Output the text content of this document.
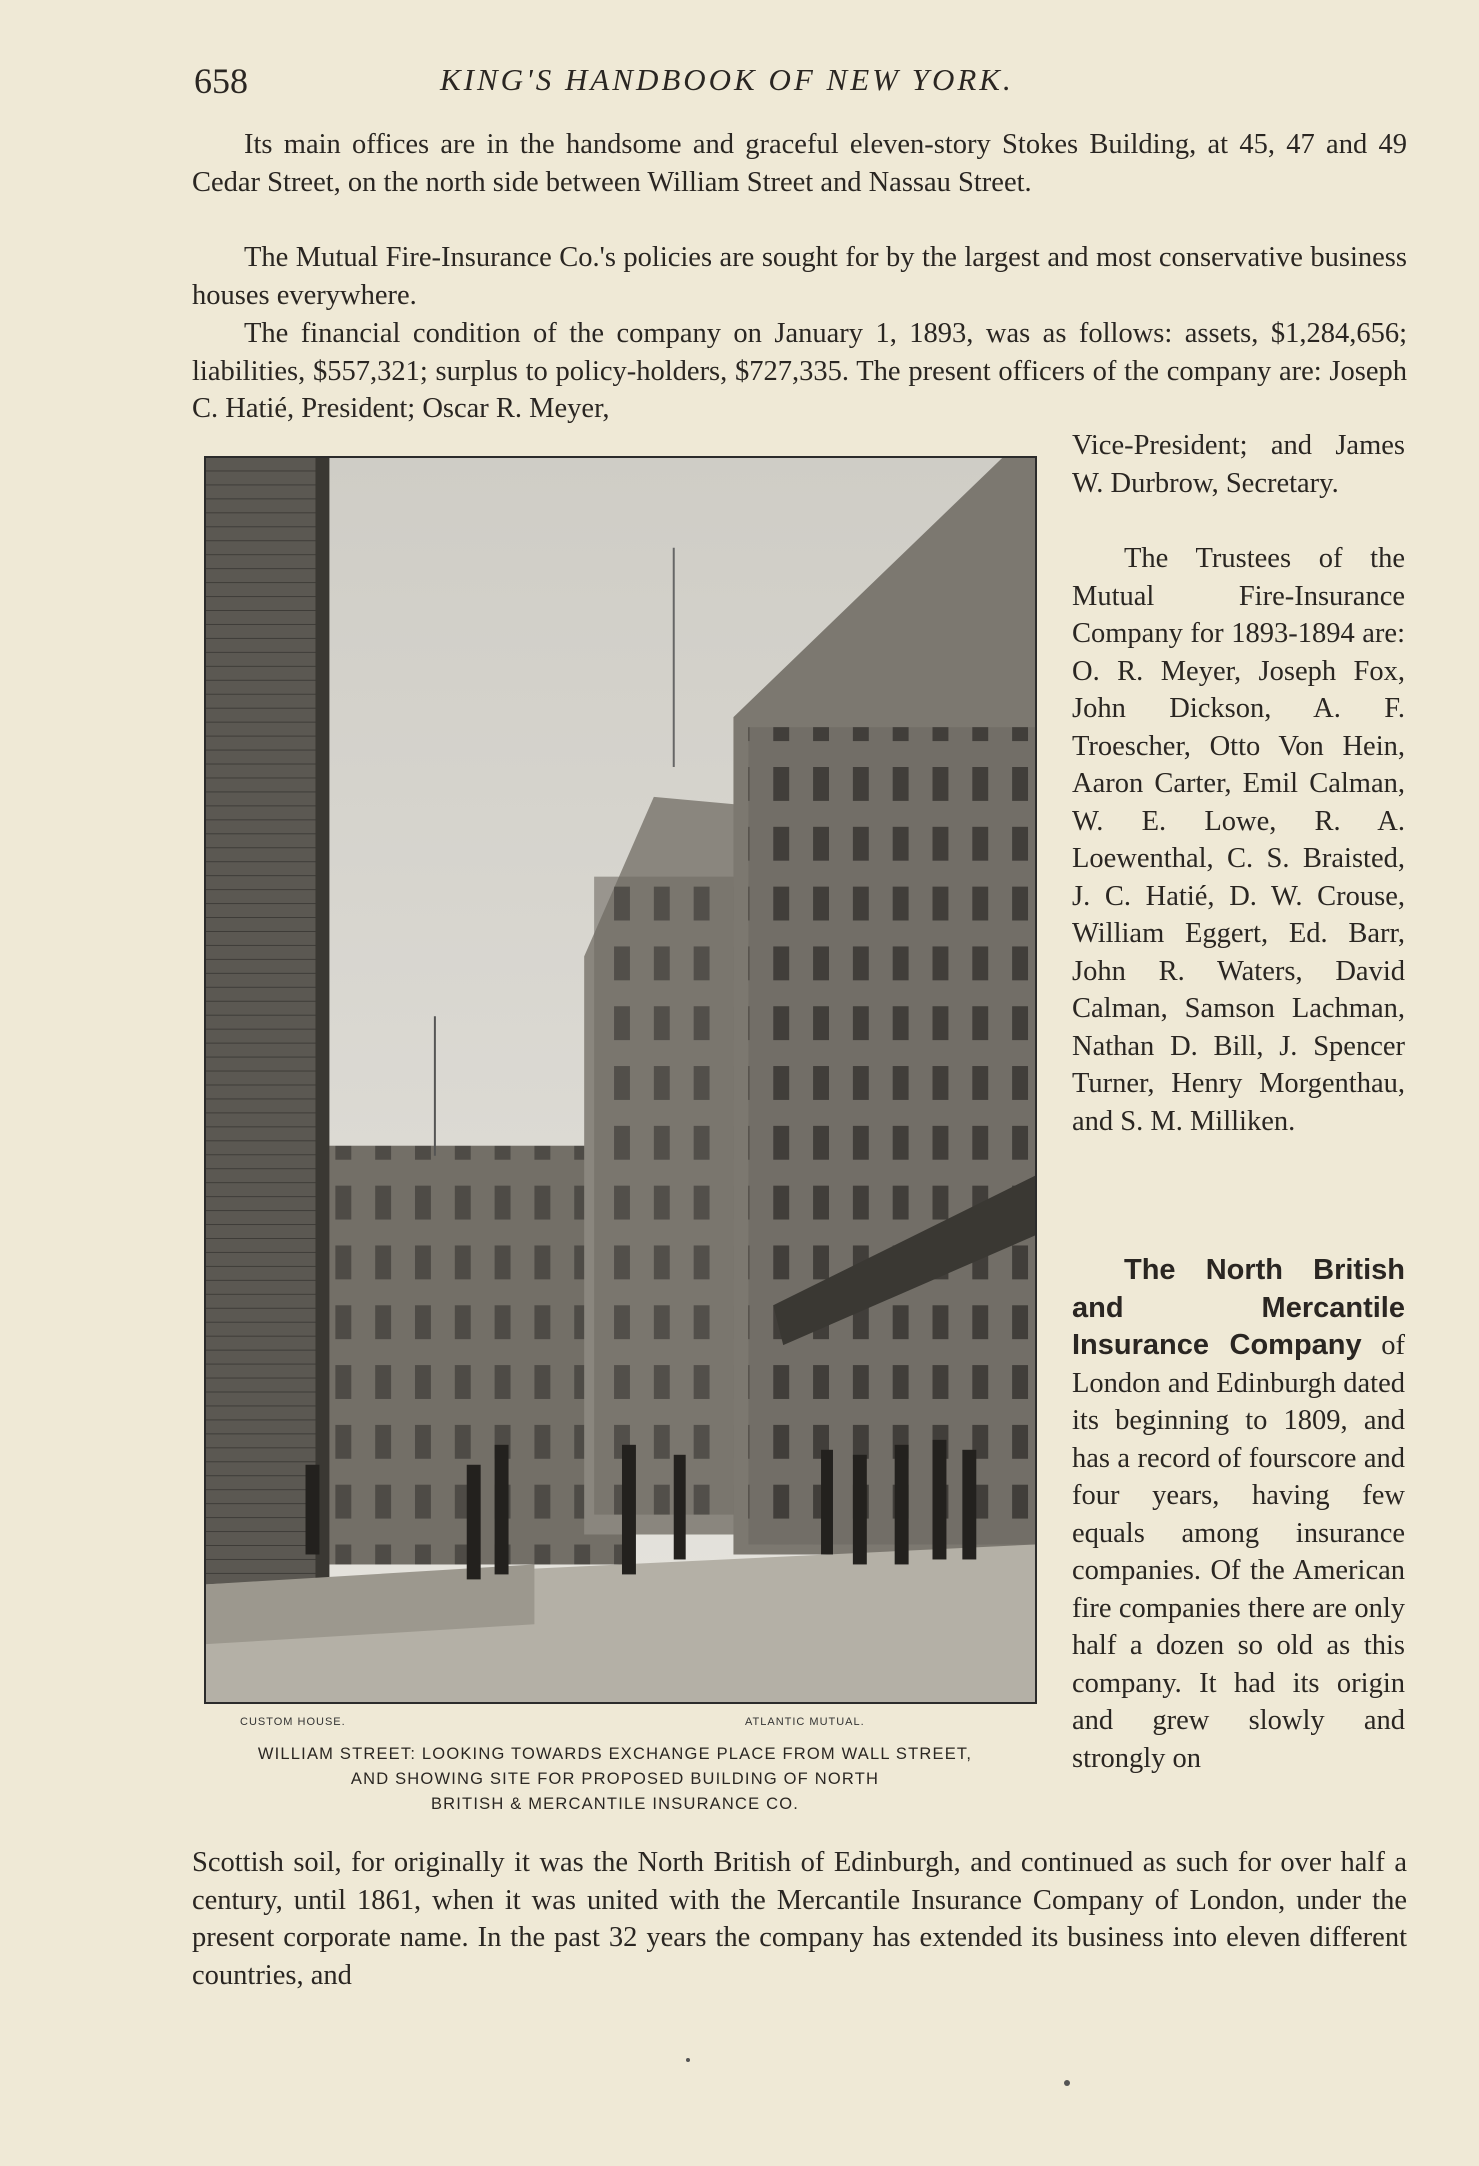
658	KING'S HANDBOOK OF NEW YORK.

Its main offices are in the handsome and graceful eleven-story Stokes Building, at 45, 47 and 49 Cedar Street, on the north side between William Street and Nassau Street.

The Mutual Fire-Insurance Co.'s policies are sought for by the largest and most conservative business houses everywhere.

The financial condition of the company on January 1, 1893, was as follows: assets, $1,284,656; liabilities, $557,321; surplus to policy-holders, $727,335. The present officers of the company are: Joseph C. Hatié, President; Oscar R. Meyer,

CUSTOM HOUSE.	ATLANTIC MUTUAL.

WILLIAM STREET: LOOKING TOWARDS EXCHANGE PLACE FROM WALL STREET,
AND SHOWING SITE FOR PROPOSED BUILDING OF NORTH
BRITISH & MERCANTILE INSURANCE CO.

Vice-President; and James W. Durbrow, Secretary.

The Trustees of the Mutual Fire-Insurance Company for 1893-1894 are: O. R. Meyer, Joseph Fox, John Dickson, A. F. Troescher, Otto Von Hein, Aaron Carter, Emil Calman, W. E. Lowe, R. A. Loewenthal, C. S. Braisted, J. C. Hatié, D. W. Crouse, William Eggert, Ed. Barr, John R. Waters, David Calman, Samson Lachman, Nathan D. Bill, J. Spencer Turner, Henry Morgenthau, and S. M. Milliken.

The North British and Mercantile Insurance Company of London and Edinburgh dated its beginning to 1809, and has a record of fourscore and four years, having few equals among insurance companies. Of the American fire companies there are only half a dozen so old as this company. It had its origin and grew slowly and strongly on

Scottish soil, for originally it was the North British of Edinburgh, and continued as such for over half a century, until 1861, when it was united with the Mercantile Insurance Company of London, under the present corporate name. In the past 32 years the company has extended its business into eleven different countries, and
